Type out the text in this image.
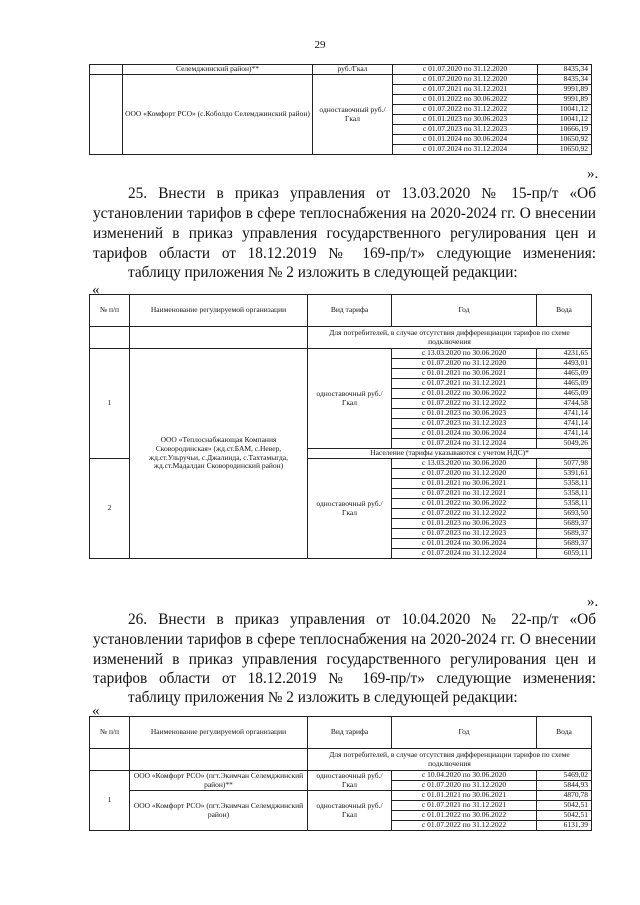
29
	Селемджинский район)**	руб./Гкал	с 01.07.2020 по 31.12.2020	8435,34
	ООО «Комфорт РСО» (с.Коболдо Селемджинский район)	одноставочный руб./Гкал	с 01.07.2020 по 31.12.2020	8435,34
			с 01.07.2021 по 31.12.2021	9991,89
			с 01.01.2022 по 30.06.2022	9991,89
			с 01.07.2022 по 31.12.2022	10041,12
			с 01.01.2023 по 30.06.2023	10041,12
			с 01.07.2023 по 31.12.2023	10666,19
			с 01.01.2024 по 30.06.2024	10650,92
			с 01.07.2024 по 31.12.2024	10650,92
».
25. Внести в приказ управления от 13.03.2020 № 15-пр/т «Об
установлении тарифов в сфере теплоснабжения на 2020-2024 гг. О внесении
изменений в приказ управления государственного регулирования цен и
тарифов области от 18.12.2019 № 169-пр/т» следующие изменения:
таблицу приложения № 2 изложить в следующей редакции:
«
№ п/п	Наименование регулируемой организации	Вид тарифа	Год	Вода
		Для потребителей, в случае отсутствия дифференциации тарифов по схеме подключения		
1	ООО «Теплоснабжающая Компания Сковородинская» (жд.ст.БАМ, с.Невер, жд.ст.Ульручьи, с.Джалинда, с.Тахтамыгда, жд.ст.Мадалдан Сковородинский район)	одноставочный руб./Гкал	с 13.03.2020 по 30.06.2020	4231,65
			с 01.07.2020 по 31.12.2020	4493,01
			с 01.01.2021 по 30.06.2021	4465,09
			с 01.07.2021 по 31.12.2021	4465,09
			с 01.01.2022 по 30.06.2022	4465,09
			с 01.07.2022 по 31.12.2022	4744,58
			с 01.01.2023 по 30.06.2023	4741,14
			с 01.07.2023 по 31.12.2023	4741,14
			с 01.01.2024 по 30.06.2024	4741,14
			с 01.07.2024 по 31.12.2024	5049,26
		Население (тарифы указываются с учетом НДС)*		
2		одноставочный руб./Гкал	с 13.03.2020 по 30.06.2020	5077,98
			с 01.07.2020 по 31.12.2020	5391,61
			с 01.01.2021 по 30.06.2021	5358,11
			с 01.07.2021 по 31.12.2021	5358,11
			с 01.01.2022 по 30.06.2022	5358,11
			с 01.07.2022 по 31.12.2022	5693,50
			с 01.01.2023 по 30.06.2023	5689,37
			с 01.07.2023 по 31.12.2023	5689,37
			с 01.01.2024 по 30.06.2024	5689,37
			с 01.07.2024 по 31.12.2024	6059,11
».
26. Внести в приказ управления от 10.04.2020 № 22-пр/т «Об
установлении тарифов в сфере теплоснабжения на 2020-2024 гг. О внесении
изменений в приказ управления государственного регулирования цен и
тарифов области от 18.12.2019 № 169-пр/т» следующие изменения:
таблицу приложения № 2 изложить в следующей редакции:
«
№ п/п	Наименование регулируемой организации	Вид тарифа	Год	Вода
		Для потребителей, в случае отсутствия дифференциации тарифов по схеме подключения		
1	ООО «Комфорт РСО» (пгт.Экимчан Селемджинский район)**	одноставочный руб./Гкал	с 10.04.2020 по 30.06.2020	5469,02
			с 01.07.2020 по 31.12.2020	5844,93
	ООО «Комфорт РСО» (пгт.Экимчан Селемджинский район)	одноставочный руб./Гкал	с 01.01.2021 по 30.06.2021	4870,78
			с 01.07.2021 по 31.12.2021	5042,51
			с 01.01.2022 по 30.06.2022	5042,51
			с 01.07.2022 по 31.12.2022	6131,39
